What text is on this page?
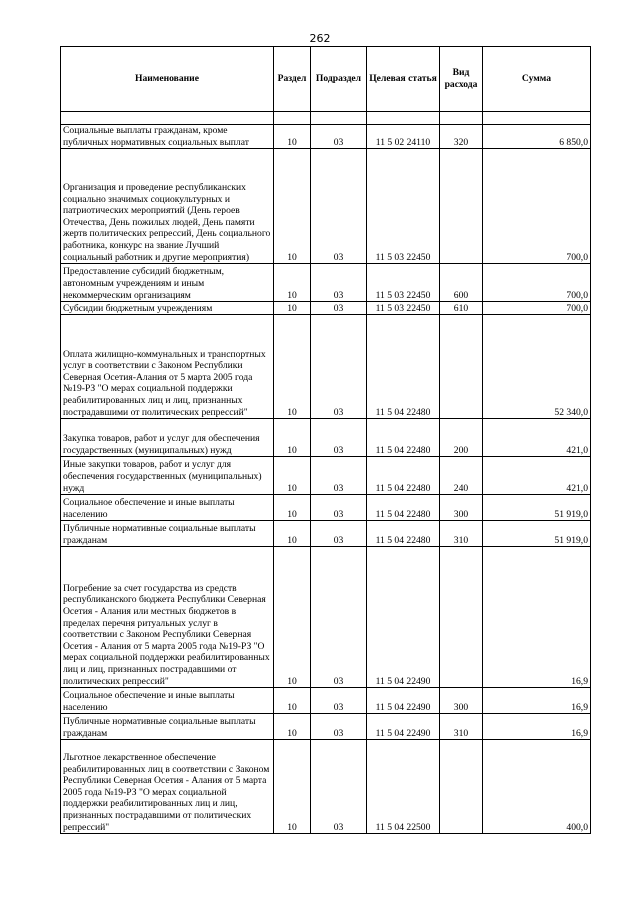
262
Наименование	Раздел	Подраздел	Целевая статья	Вид расхода	Сумма

Социальные выплаты гражданам, кроме публичных нормативных социальных выплат	10	03	11 5 02 24110	320	6 850,0
Организация и проведение республиканских социально значимых социокультурных и патриотических мероприятий (День героев Отечества, День пожилых людей, День памяти жертв политических репрессий, День социального работника, конкурс на звание Лучший социальный работник и другие мероприятия)	10	03	11 5 03 22450		700,0
Предоставление субсидий бюджетным, автономным учреждениям и иным некоммерческим организациям	10	03	11 5 03 22450	600	700,0
Субсидии бюджетным учреждениям	10	03	11 5 03 22450	610	700,0
Оплата жилищно-коммунальных и транспортных услуг в соответствии с Законом Республики Северная Осетия-Алания от 5 марта 2005 года №19-РЗ "О мерах социальной поддержки реабилитированных лиц и лиц, признанных пострадавшими от политических репрессий"	10	03	11 5 04 22480		52 340,0
Закупка товаров, работ и услуг для обеспечения государственных (муниципальных) нужд	10	03	11 5 04 22480	200	421,0
Иные закупки товаров, работ и услуг для обеспечения государственных (муниципальных) нужд	10	03	11 5 04 22480	240	421,0
Социальное обеспечение и иные выплаты населению	10	03	11 5 04 22480	300	51 919,0
Публичные нормативные социальные выплаты гражданам	10	03	11 5 04 22480	310	51 919,0
Погребение за счет государства из средств республиканского бюджета Республики Северная Осетия - Алания или местных бюджетов в пределах перечня ритуальных услуг в соответствии с Законом Республики Северная Осетия - Алания от 5 марта 2005 года №19-РЗ "О мерах социальной поддержки реабилитированных лиц и лиц, признанных пострадавшими от политических репрессий"	10	03	11 5 04 22490		16,9
Социальное обеспечение и иные выплаты населению	10	03	11 5 04 22490	300	16,9
Публичные нормативные социальные выплаты гражданам	10	03	11 5 04 22490	310	16,9
Льготное лекарственное обеспечение реабилитированных лиц в соответствии с Законом Республики Северная Осетия - Алания от 5 марта 2005 года №19-РЗ "О мерах социальной поддержки реабилитированных лиц и лиц, признанных пострадавшими от политических репрессий"	10	03	11 5 04 22500		400,0
